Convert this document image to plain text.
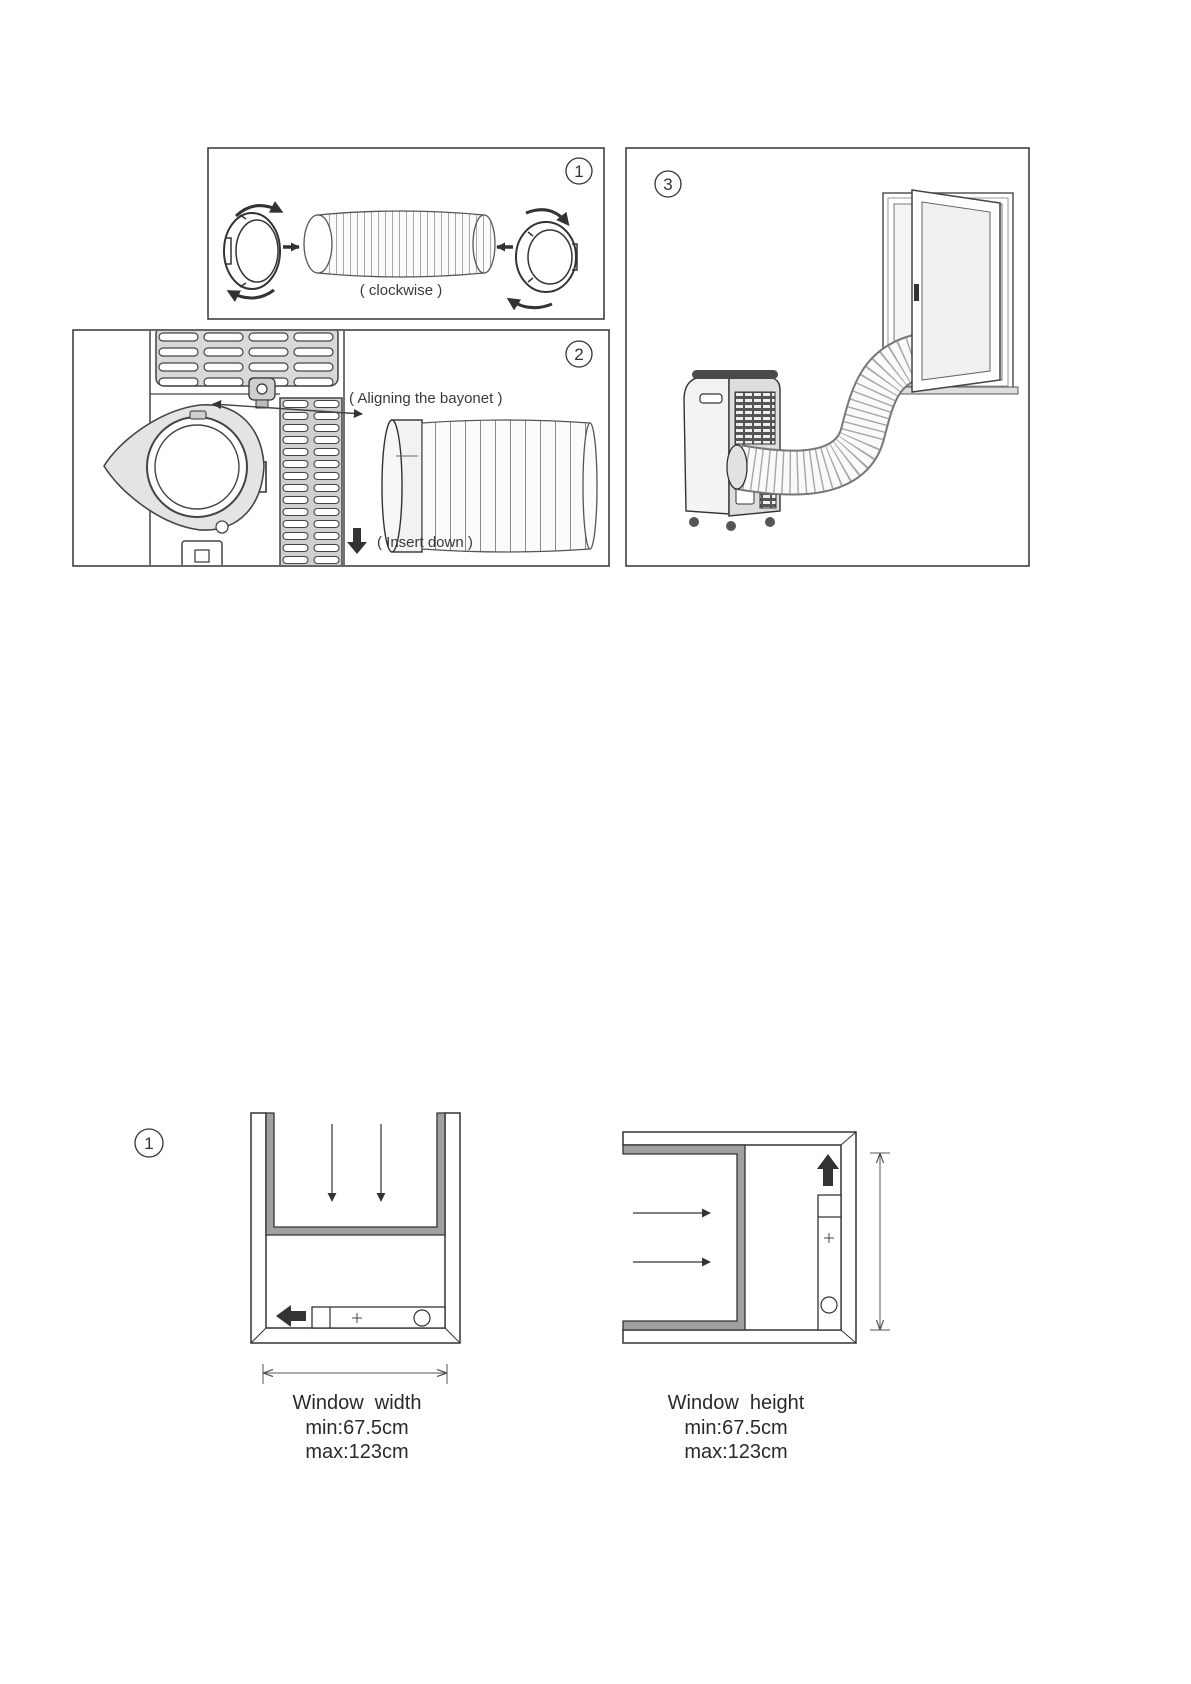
1
( clockwise )
2
( Aligning the bayonet )
( Insert down )
3
1
Window  width
min:67.5cm
max:123cm
Window  height
min:67.5cm
max:123cm
